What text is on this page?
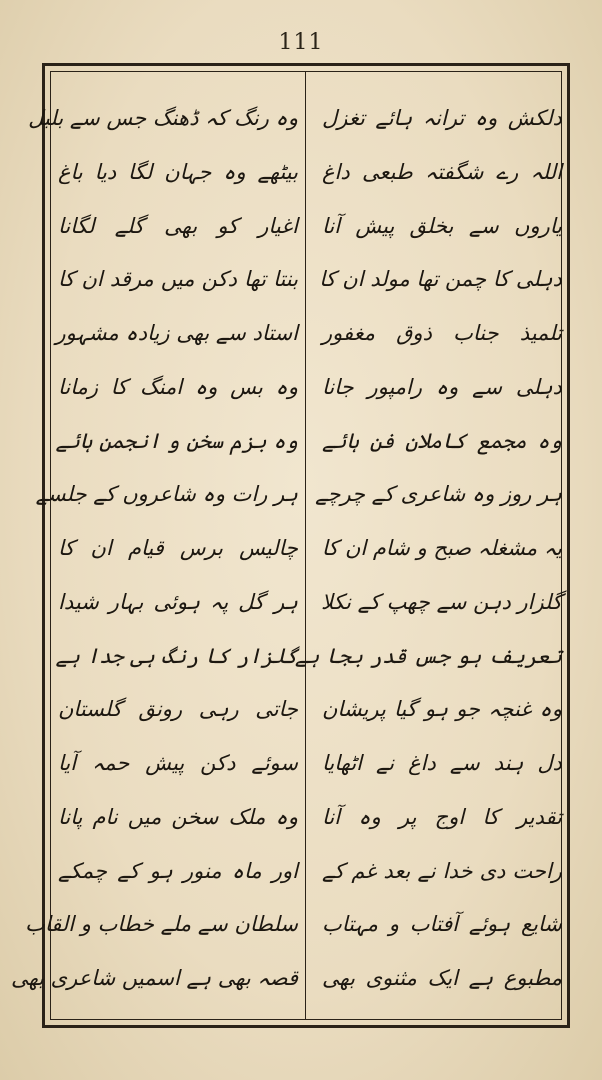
111
دلکش وہ ترانہ ہائے تغزل
اللہ رے شگفتہ طبعی داغ
یاروں سے بخلق پیش آنا
دہلی کا چمن تھا مولد ان کا
تلمیذ جناب ذوق مغفور
دہلی سے وہ رامپور جانا
وہ مجمع کاملان فن ہائے
ہر روز وہ شاعری کے چرچے
یہ مشغلہ صبح و شام ان کا
گلزار دہن سے چھپ کے نکلا
تعریف ہو جس قدر بجا ہے
وہ غنچہ جو ہو گیا پریشان
دل ہند سے داغ نے اٹھایا
تقدیر کا اوج پر وہ آنا
راحت دی خدا نے بعد غم کے
شایع ہوئے آفتاب و مہتاب
مطبوع ہے ایک مثنوی بھی
وہ رنگ کہ ڈھنگ جس سے بلبل
بیٹھے وہ جہان لگا دیا باغ
اغیار کو بھی گلے لگانا
بنتا تھا دکن میں مرقد ان کا
استاد سے بھی زیادہ مشہور
وہ بس وہ امنگ کا زمانا
وہ بزم سخن و انجمن ہائے
ہر رات وہ شاعروں کے جلسے
چالیس برس قیام ان کا
ہر گل پہ ہوئی بہار شیدا
گلزار کا رنگ ہی جدا ہے
جاتی رہی رونق گلستان
سوئے دکن پیش حمہ آیا
وہ ملک سخن میں نام پانا
اور ماہ منور ہو کے چمکے
سلطان سے ملے خطاب و القاب
قصہ بھی ہے اسمیں شاعری بھی
